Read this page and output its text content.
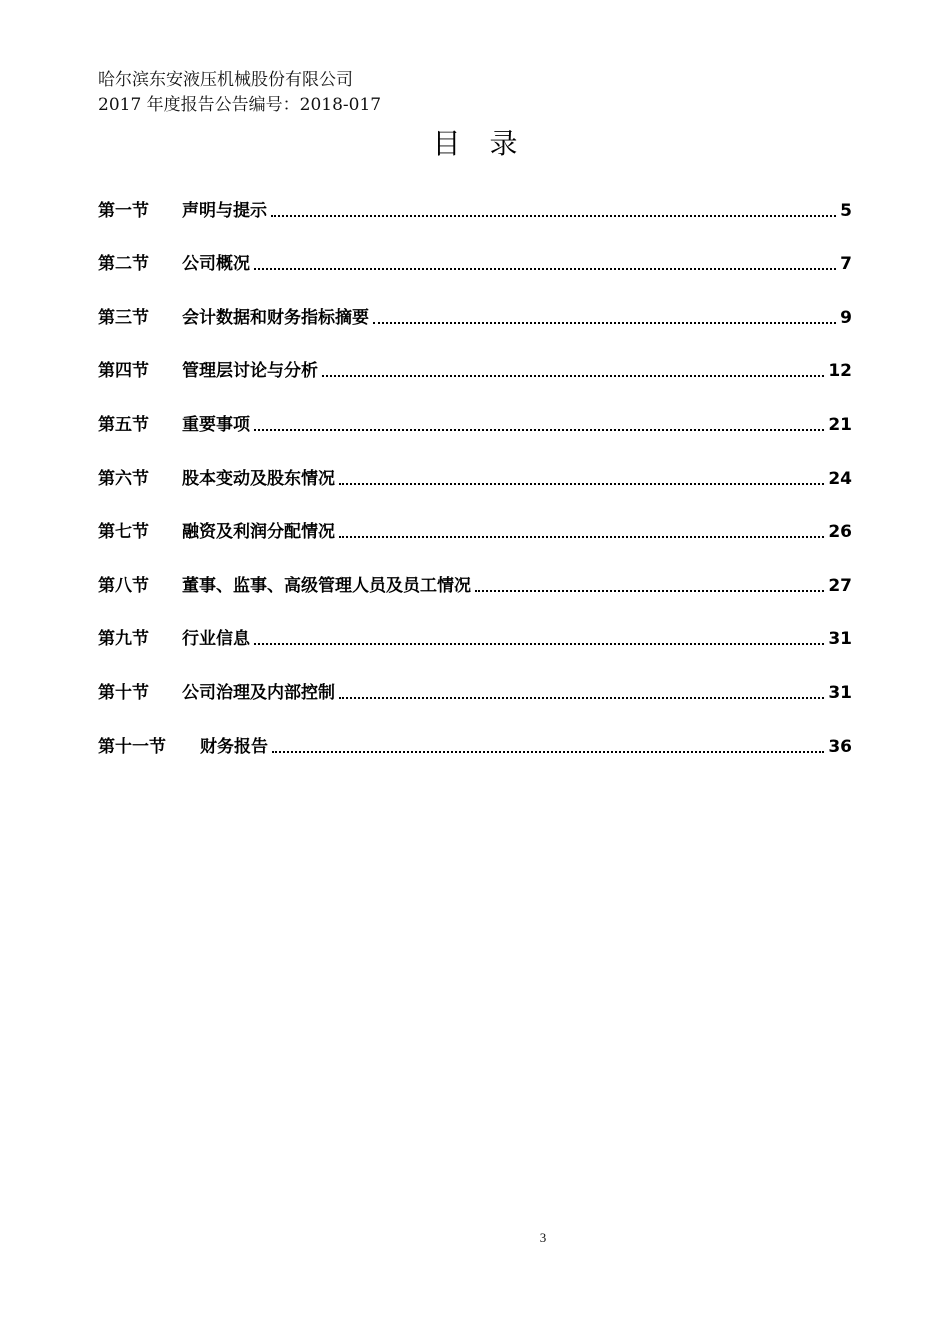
哈尔滨东安液压机械股份有限公司
2017 年度报告公告编号：2018-017
目 录
第一节	声明与提示	5
第二节	公司概况	7
第三节	会计数据和财务指标摘要	9
第四节	管理层讨论与分析	12
第五节	重要事项	21
第六节	股本变动及股东情况	24
第七节	融资及利润分配情况	26
第八节	董事、监事、高级管理人员及员工情况	27
第九节	行业信息	31
第十节	公司治理及内部控制	31
第十一节	财务报告	36
3
